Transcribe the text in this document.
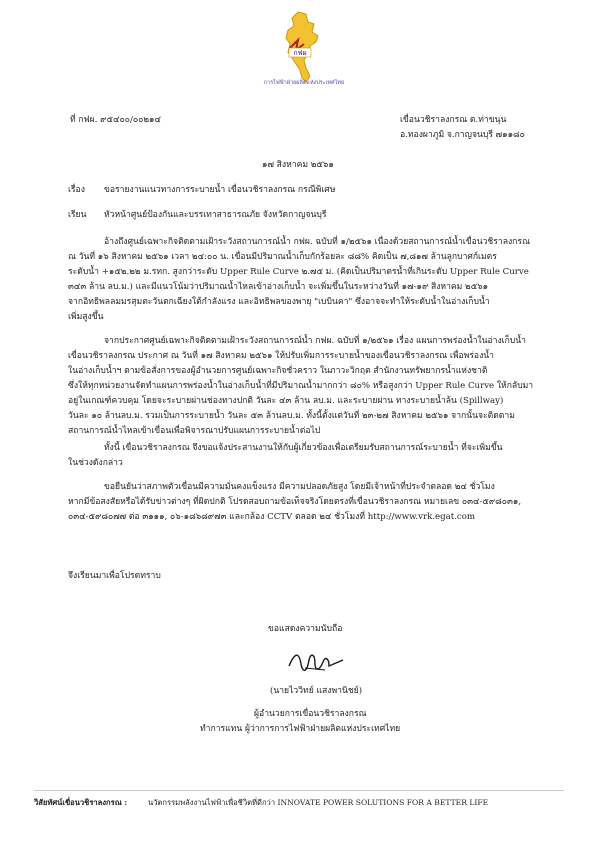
กฟผ
การไฟฟ้าฝ่ายผลิตแห่งประเทศไทย
ที่ กฟผ. ๙๕๔๐๐/๐๐๒๑๔	เขื่อนวชิราลงกรณ ต.ท่าขนุน
อ.ทองผาภูมิ จ.กาญจนบุรี ๗๑๑๘๐
๑๗ สิงหาคม ๒๕๖๑
เรื่อง ขอรายงานแนวทางการระบายน้ำ เขื่อนวชิราลงกรณ กรณีพิเศษ
เรียน หัวหน้าศูนย์ป้องกันและบรรเทาสาธารณภัย จังหวัดกาญจนบุรี
อ้างถึงศูนย์เฉพาะกิจติดตามเฝ้าระวังสถานการณ์น้ำ กฟผ. ฉบับที่ ๑/๒๕๖๑ เนื่องด้วยสถานการณ์น้ำเขื่อนวชิราลงกรณ
ณ วันที่ ๑๖ สิงหาคม ๒๕๖๑ เวลา ๒๔:๐๐ น. เขื่อนมีปริมาณน้ำเก็บกักร้อยละ ๘๘% คิดเป็น ๗,๘๑๗ ล้านลูกบาศก์เมตร
ระดับน้ำ +๑๕๒.๒๒ ม.รทก. สูงกว่าระดับ Upper Rule Curve ๒.๗๕ ม. (คิดเป็นปริมาตรน้ำที่เกินระดับ Upper Rule Curve
๓๔๓ ล้าน ลบ.ม.) และมีแนวโน้มว่าปริมาณน้ำไหลเข้าอ่างเก็บน้ำ จะเพิ่มขึ้นในระหว่างวันที่ ๑๗-๑๙ สิงหาคม ๒๕๖๑
จากอิทธิพลลมมรสุมตะวันตกเฉียงใต้กำลังแรง และอิทธิพลของพายุ "เบบินคา" ซึ่งอาจจะทำให้ระดับน้ำในอ่างเก็บน้ำ
เพิ่มสูงขึ้น
จากประกาศศูนย์เฉพาะกิจติดตามเฝ้าระวังสถานการณ์น้ำ กฟผ. ฉบับที่ ๑/๒๕๖๑ เรื่อง แผนการพร่องน้ำในอ่างเก็บน้ำ
เขื่อนวชิราลงกรณ ประกาศ ณ วันที่ ๑๗ สิงหาคม ๒๕๖๑ ให้ปรับเพิ่มการระบายน้ำของเขื่อนวชิราลงกรณ เพื่อพร่องน้ำ
ในอ่างเก็บน้ำฯ ตามข้อสั่งการของผู้อำนวยการศูนย์เฉพาะกิจชั่วคราว ในภาวะวิกฤต สำนักงานทรัพยากรน้ำแห่งชาติ
ซึ่งให้ทุกหน่วยงานจัดทำแผนการพร่องน้ำในอ่างเก็บน้ำที่มีปริมาณน้ำมากกว่า ๘๐% หรือสูงกว่า Upper Rule Curve ให้กลับมา
อยู่ในเกณฑ์ควบคุม โดยจะระบายผ่านช่องทางปกติ วันละ ๔๓ ล้าน ลบ.ม. และระบายผ่าน ทางระบายน้ำล้น (Spillway)
วันละ ๑๐ ล้านลบ.ม. รวมเป็นการระบายน้ำ วันละ ๕๓ ล้านลบ.ม. ทั้งนี้ตั้งแต่วันที่ ๒๓-๒๗ สิงหาคม ๒๕๖๑ จากนั้นจะติดตาม
สถานการณ์น้ำไหลเข้าเขื่อนเพื่อพิจารณาปรับแผนการระบายน้ำต่อไป
ทั้งนี้ เขื่อนวชิราลงกรณ จึงขอแจ้งประสานงานให้กับผู้เกี่ยวข้องเพื่อเตรียมรับสถานการณ์ระบายน้ำ ที่จะเพิ่มขึ้น
ในช่วงดังกล่าว
ขอยืนยันว่าสภาพตัวเขื่อนมีความมั่นคงแข็งแรง มีความปลอดภัยสูง โดยมีเจ้าหน้าที่ประจำตลอด ๒๔ ชั่วโมง
หากมีข้อสงสัยหรือได้รับข่าวต่างๆ ที่ผิดปกติ โปรดสอบถามข้อเท็จจริงโดยตรงที่เขื่อนวชิราลงกรณ หมายเลข ๐๓๔-๕๙๘๐๓๑,
๐๓๔-๕๙๘๐๗๗ ต่อ ๓๑๑๑, ๐๖-๑๘๖๘๙๗๓ และกล้อง CCTV ตลอด ๒๔ ชั่วโมงที่ http://www.vrk.egat.com
จึงเรียนมาเพื่อโปรดทราบ
ขอแสดงความนับถือ
(นายไววิทย์ แสงพานิชย์)
ผู้อำนวยการเขื่อนวชิราลงกรณ
ทำการแทน ผู้ว่าการการไฟฟ้าฝ่ายผลิตแห่งประเทศไทย
วิสัยทัศน์เขื่อนวชิราลงกรณ :	นวัตกรรมพลังงานไฟฟ้าเพื่อชีวิตที่ดีกว่า INNOVATE POWER SOLUTIONS FOR A BETTER LIFE
